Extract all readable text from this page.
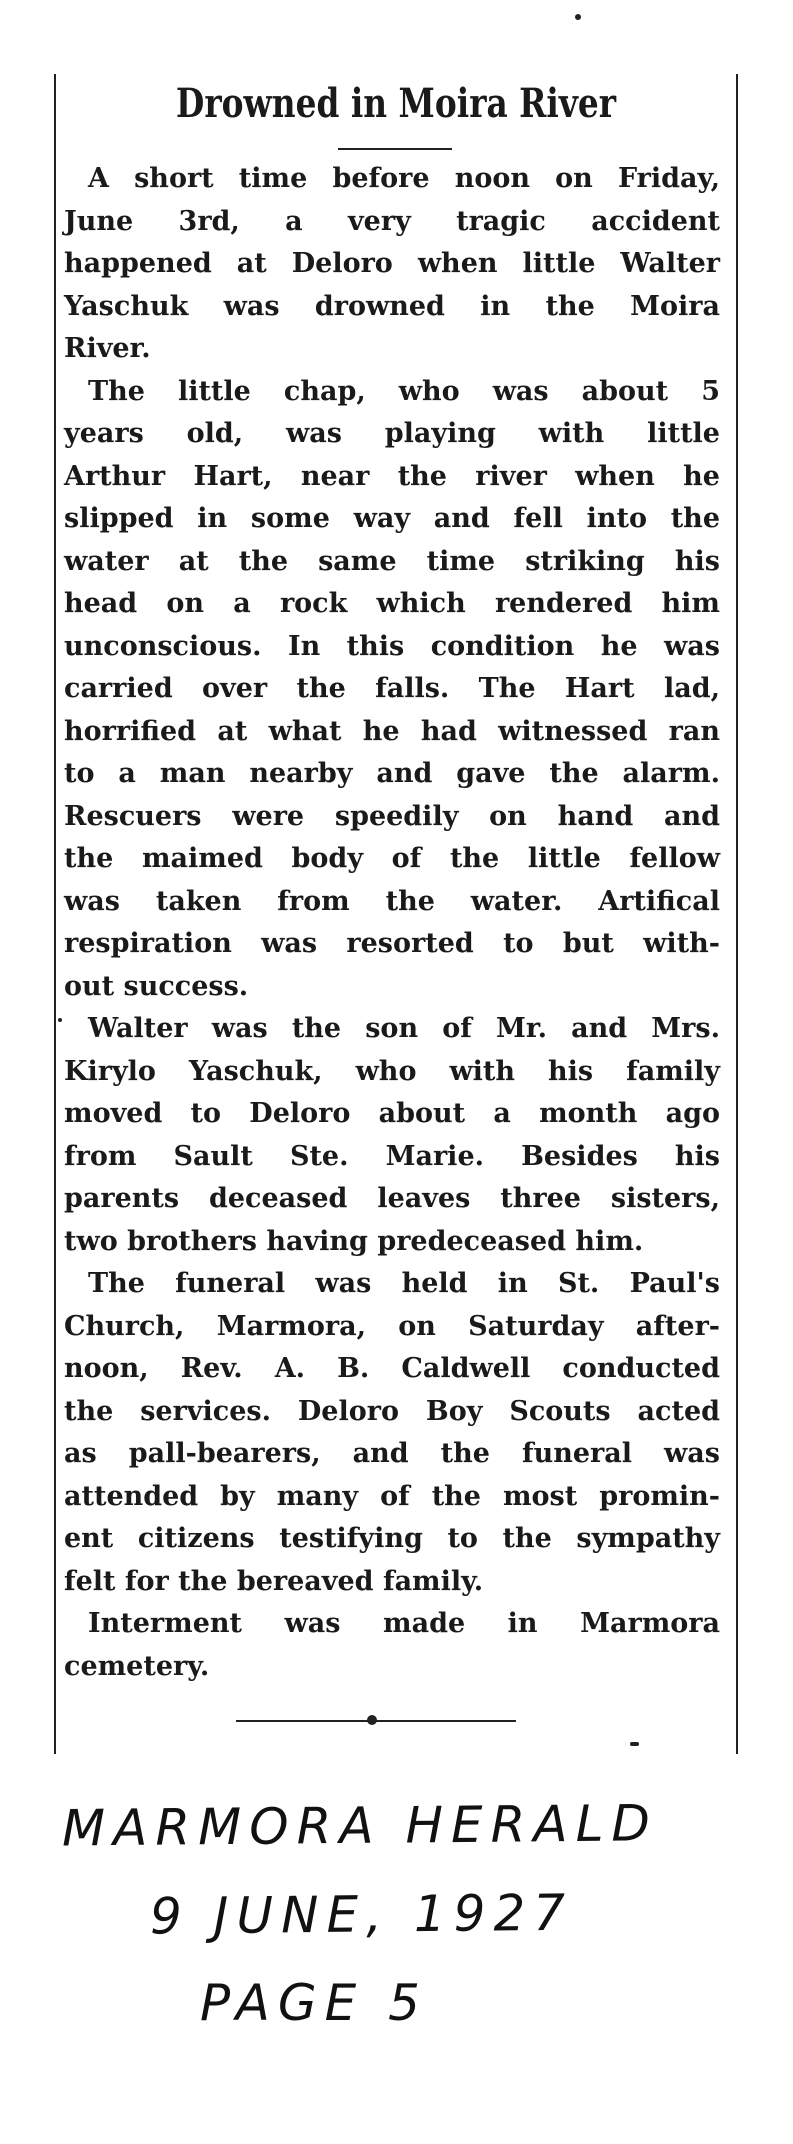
Drowned in Moira River
A short time before noon on Friday,
June 3rd, a very tragic accident
happened at Deloro when little Walter
Yaschuk was drowned in the Moira
River.
The little chap, who was about 5
years old, was playing with little
Arthur Hart, near the river when he
slipped in some way and fell into the
water at the same time striking his
head on a rock which rendered him
unconscious. In this condition he was
carried over the falls. The Hart lad,
horrified at what he had witnessed ran
to a man nearby and gave the alarm.
Rescuers were speedily on hand and
the maimed body of the little fellow
was taken from the water. Artifical
respiration was resorted to but with-
out success.
Walter was the son of Mr. and Mrs.
Kirylo Yaschuk, who with his family
moved to Deloro about a month ago
from Sault Ste. Marie. Besides his
parents deceased leaves three sisters,
two brothers having predeceased him.
The funeral was held in St. Paul's
Church, Marmora, on Saturday after-
noon, Rev. A. B. Caldwell conducted
the services. Deloro Boy Scouts acted
as pall-bearers, and the funeral was
attended by many of the most promin-
ent citizens testifying to the sympathy
felt for the bereaved family.
Interment was made in Marmora
cemetery.
MARMORA HERALD
9 JUNE, 1927
PAGE 5
